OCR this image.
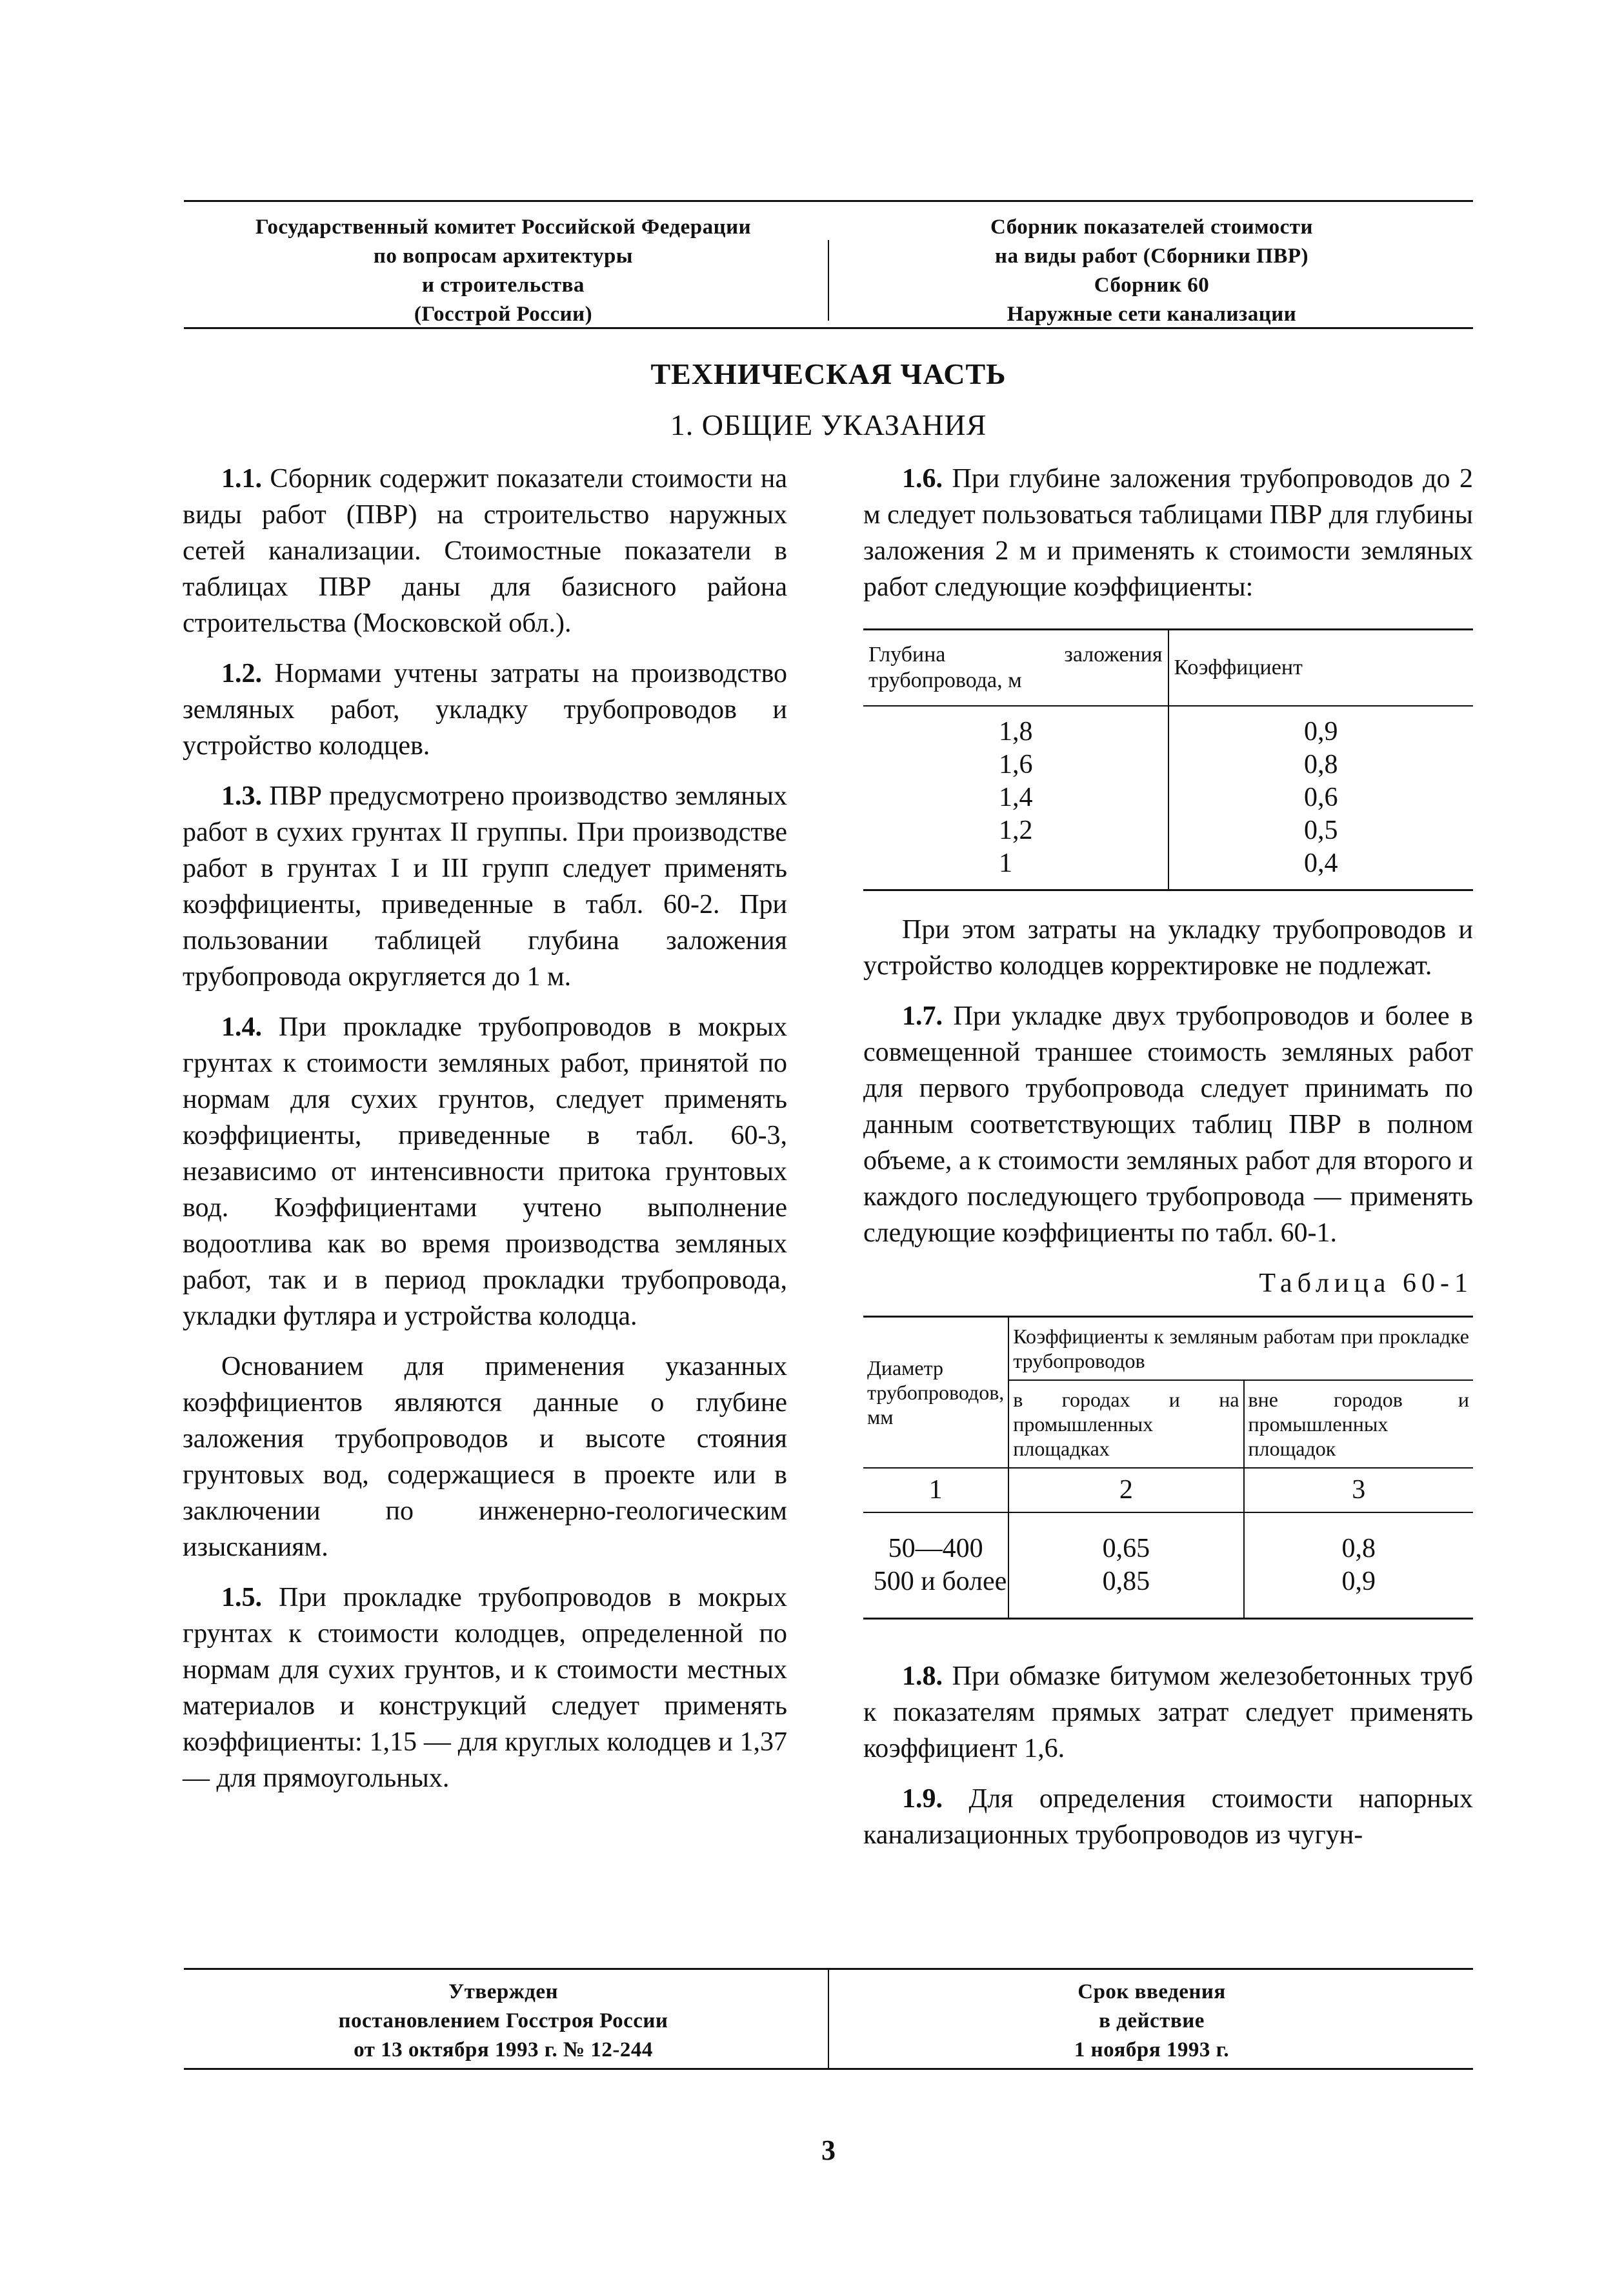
Государственный комитет Российской Федерации
по вопросам архитектуры
и строительства
(Госстрой России)
Сборник показателей стоимости
на виды работ (Сборники ПВР)
Сборник 60
Наружные сети канализации
ТЕХНИЧЕСКАЯ ЧАСТЬ
1. ОБЩИЕ УКАЗАНИЯ

1.1. Сборник содержит показатели стоимости на виды работ (ПВР) на строительство наружных сетей канализации. Стоимостные показатели в таблицах ПВР даны для базисного района строительства (Московской обл.).

1.2. Нормами учтены затраты на производство земляных работ, укладку трубопроводов и устройство колодцев.

1.3. ПВР предусмотрено производство земляных работ в сухих грунтах II группы. При производстве работ в грунтах I и III групп следует применять коэффициенты, приведенные в табл. 60-2. При пользовании таблицей глубина заложения трубопровода округляется до 1 м.

1.4. При прокладке трубопроводов в мокрых грунтах к стоимости земляных работ, принятой по нормам для сухих грунтов, следует применять коэффициенты, приведенные в табл. 60-3, независимо от интенсивности притока грунтовых вод. Коэффициентами учтено выполнение водоотлива как во время производства земляных работ, так и в период прокладки трубопровода, укладки футляра и устройства колодца.

Основанием для применения указанных коэффициентов являются данные о глубине заложения трубопроводов и высоте стояния грунтовых вод, содержащиеся в проекте или в заключении по инженерно-геологическим изысканиям.

1.5. При прокладке трубопроводов в мокрых грунтах к стоимости колодцев, определенной по нормам для сухих грунтов, и к стоимости местных материалов и конструкций следует применять коэффициенты: 1,15 — для круглых колодцев и 1,37 — для прямоугольных.

1.6. При глубине заложения трубопроводов до 2 м следует пользоваться таблицами ПВР для глубины заложения 2 м и применять к стоимости земляных работ следующие коэффициенты:

Глубина заложения трубопровода, м	Коэффициент
1,8	0,9
1,6	0,8
1,4	0,6
1,2	0,5
1	0,4

При этом затраты на укладку трубопроводов и устройство колодцев корректировке не подлежат.

1.7. При укладке двух трубопроводов и более в совмещенной траншее стоимость земляных работ для первого трубопровода следует принимать по данным соответствующих таблиц ПВР в полном объеме, а к стоимости земляных работ для второго и каждого последующего трубопровода — применять следующие коэффициенты по табл. 60-1.

Таблица 60-1

Диаметр трубопроводов, мм	Коэффициенты к земляным работам при прокладке трубопроводов	
	в городах и на промышленных площадках	вне городов и промышленных площадок
1	2	3
50—400	0,65	0,8
500 и более	0,85	0,9

1.8. При обмазке битумом железобетонных труб к показателям прямых затрат следует применять коэффициент 1,6.

1.9. Для определения стоимости напорных канализационных трубопроводов из чугун-

Утвержден
постановлением Госстроя России
от 13 октября 1993 г. № 12-244
Срок введения
в действие
1 ноября 1993 г.
3
